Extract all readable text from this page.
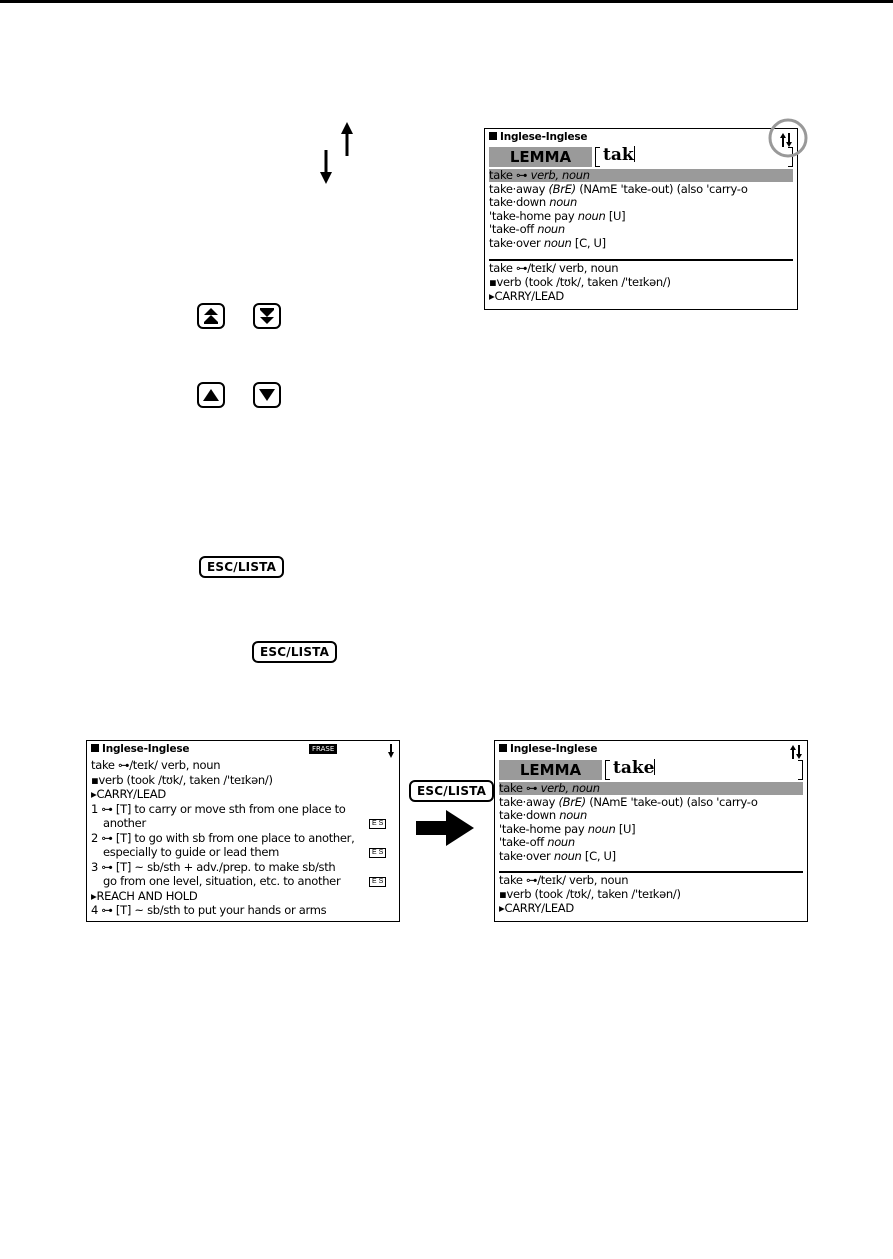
ESC/LISTA
ESC/LISTA
ESC/LISTA
Inglese-Inglese
LEMMA	tak
take ⊶ verb, noun
take·away (BrE) (NAmE 'take-out) (also 'carry-o
take·down noun
'take-home pay noun [U]
'take-off noun
take·over noun [C, U]
take ⊶/teɪk/ verb, noun
▪verb (took /tʊk/, taken /'teɪkən/)
▸CARRY/LEAD
Inglese-Inglese	FRASE
take ⊶/teɪk/ verb, noun
▪verb (took /tʊk/, taken /'teɪkən/)
▸CARRY/LEAD
1 ⊶ [T] to carry or move sth from one place to
another	E S
2 ⊶ [T] to go with sb from one place to another,
especially to guide or lead them	E S
3 ⊶ [T] ~ sb/sth + adv./prep. to make sb/sth
go from one level, situation, etc. to another	E S
▸REACH AND HOLD
4 ⊶ [T] ~ sb/sth to put your hands or arms
Inglese-Inglese
LEMMA	take
take ⊶ verb, noun
take·away (BrE) (NAmE 'take-out) (also 'carry-o
take·down noun
'take-home pay noun [U]
'take-off noun
take·over noun [C, U]
take ⊶/teɪk/ verb, noun
▪verb (took /tʊk/, taken /'teɪkən/)
▸CARRY/LEAD
